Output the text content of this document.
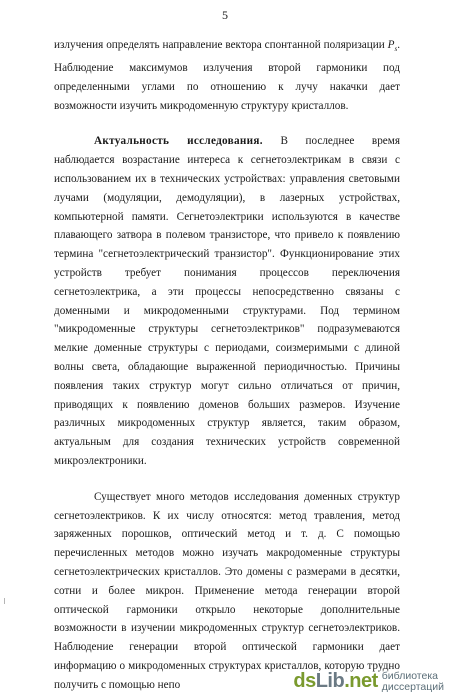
5

излучения определять направление вектора спонтанной поляризации $P_s$. Наблюдение максимумов излучения второй гармоники под определенными углами по отношению к лучу накачки дает возможности изучить микродоменную структуру кристаллов.

Актуальность исследования. В последнее время наблюдается возрастание интереса к сегнетоэлектрикам в связи с использованием их в технических устройствах: управления световыми лучами (модуляции, демодуляции), в лазерных устройствах, компьютерной памяти. Сегнетоэлектрики используются в качестве плавающего затвора в полевом транзисторе, что привело к появлению термина "сегнетоэлектрический транзистор". Функционирование этих устройств требует понимания процессов переключения сегнетоэлектрика, а эти процессы непосредственно связаны с доменными и микродоменными структурами. Под термином "микродоменные структуры сегнетоэлектриков" подразумеваются мелкие доменные структуры с периодами, соизмеримыми с длиной волны света, обладающие выраженной периодичностью. Причины появления таких структур могут сильно отличаться от причин, приводящих к появлению доменов больших размеров. Изучение различных микродоменных структур является, таким образом, актуальным для создания технических устройств современной микроэлектроники.

Существует много методов исследования доменных структур сегнетоэлектриков. К их числу относятся: метод травления, метод заряженных порошков, оптический метод и т. д. С помощью перечисленных методов можно изучать макродоменные структуры сегнетоэлектрических кристаллов. Это домены с размерами в десятки, сотни и более микрон. Применение метода генерации второй оптической гармоники открыло некоторые дополнительные возможности в изучении микродоменных структур сегнетоэлектриков. Наблюдение генерации второй оптической гармоники дает информацию о микродоменных структурах кристаллов, которую трудно получить с помощью непо	dsLib.net библиотека
диссертаций
